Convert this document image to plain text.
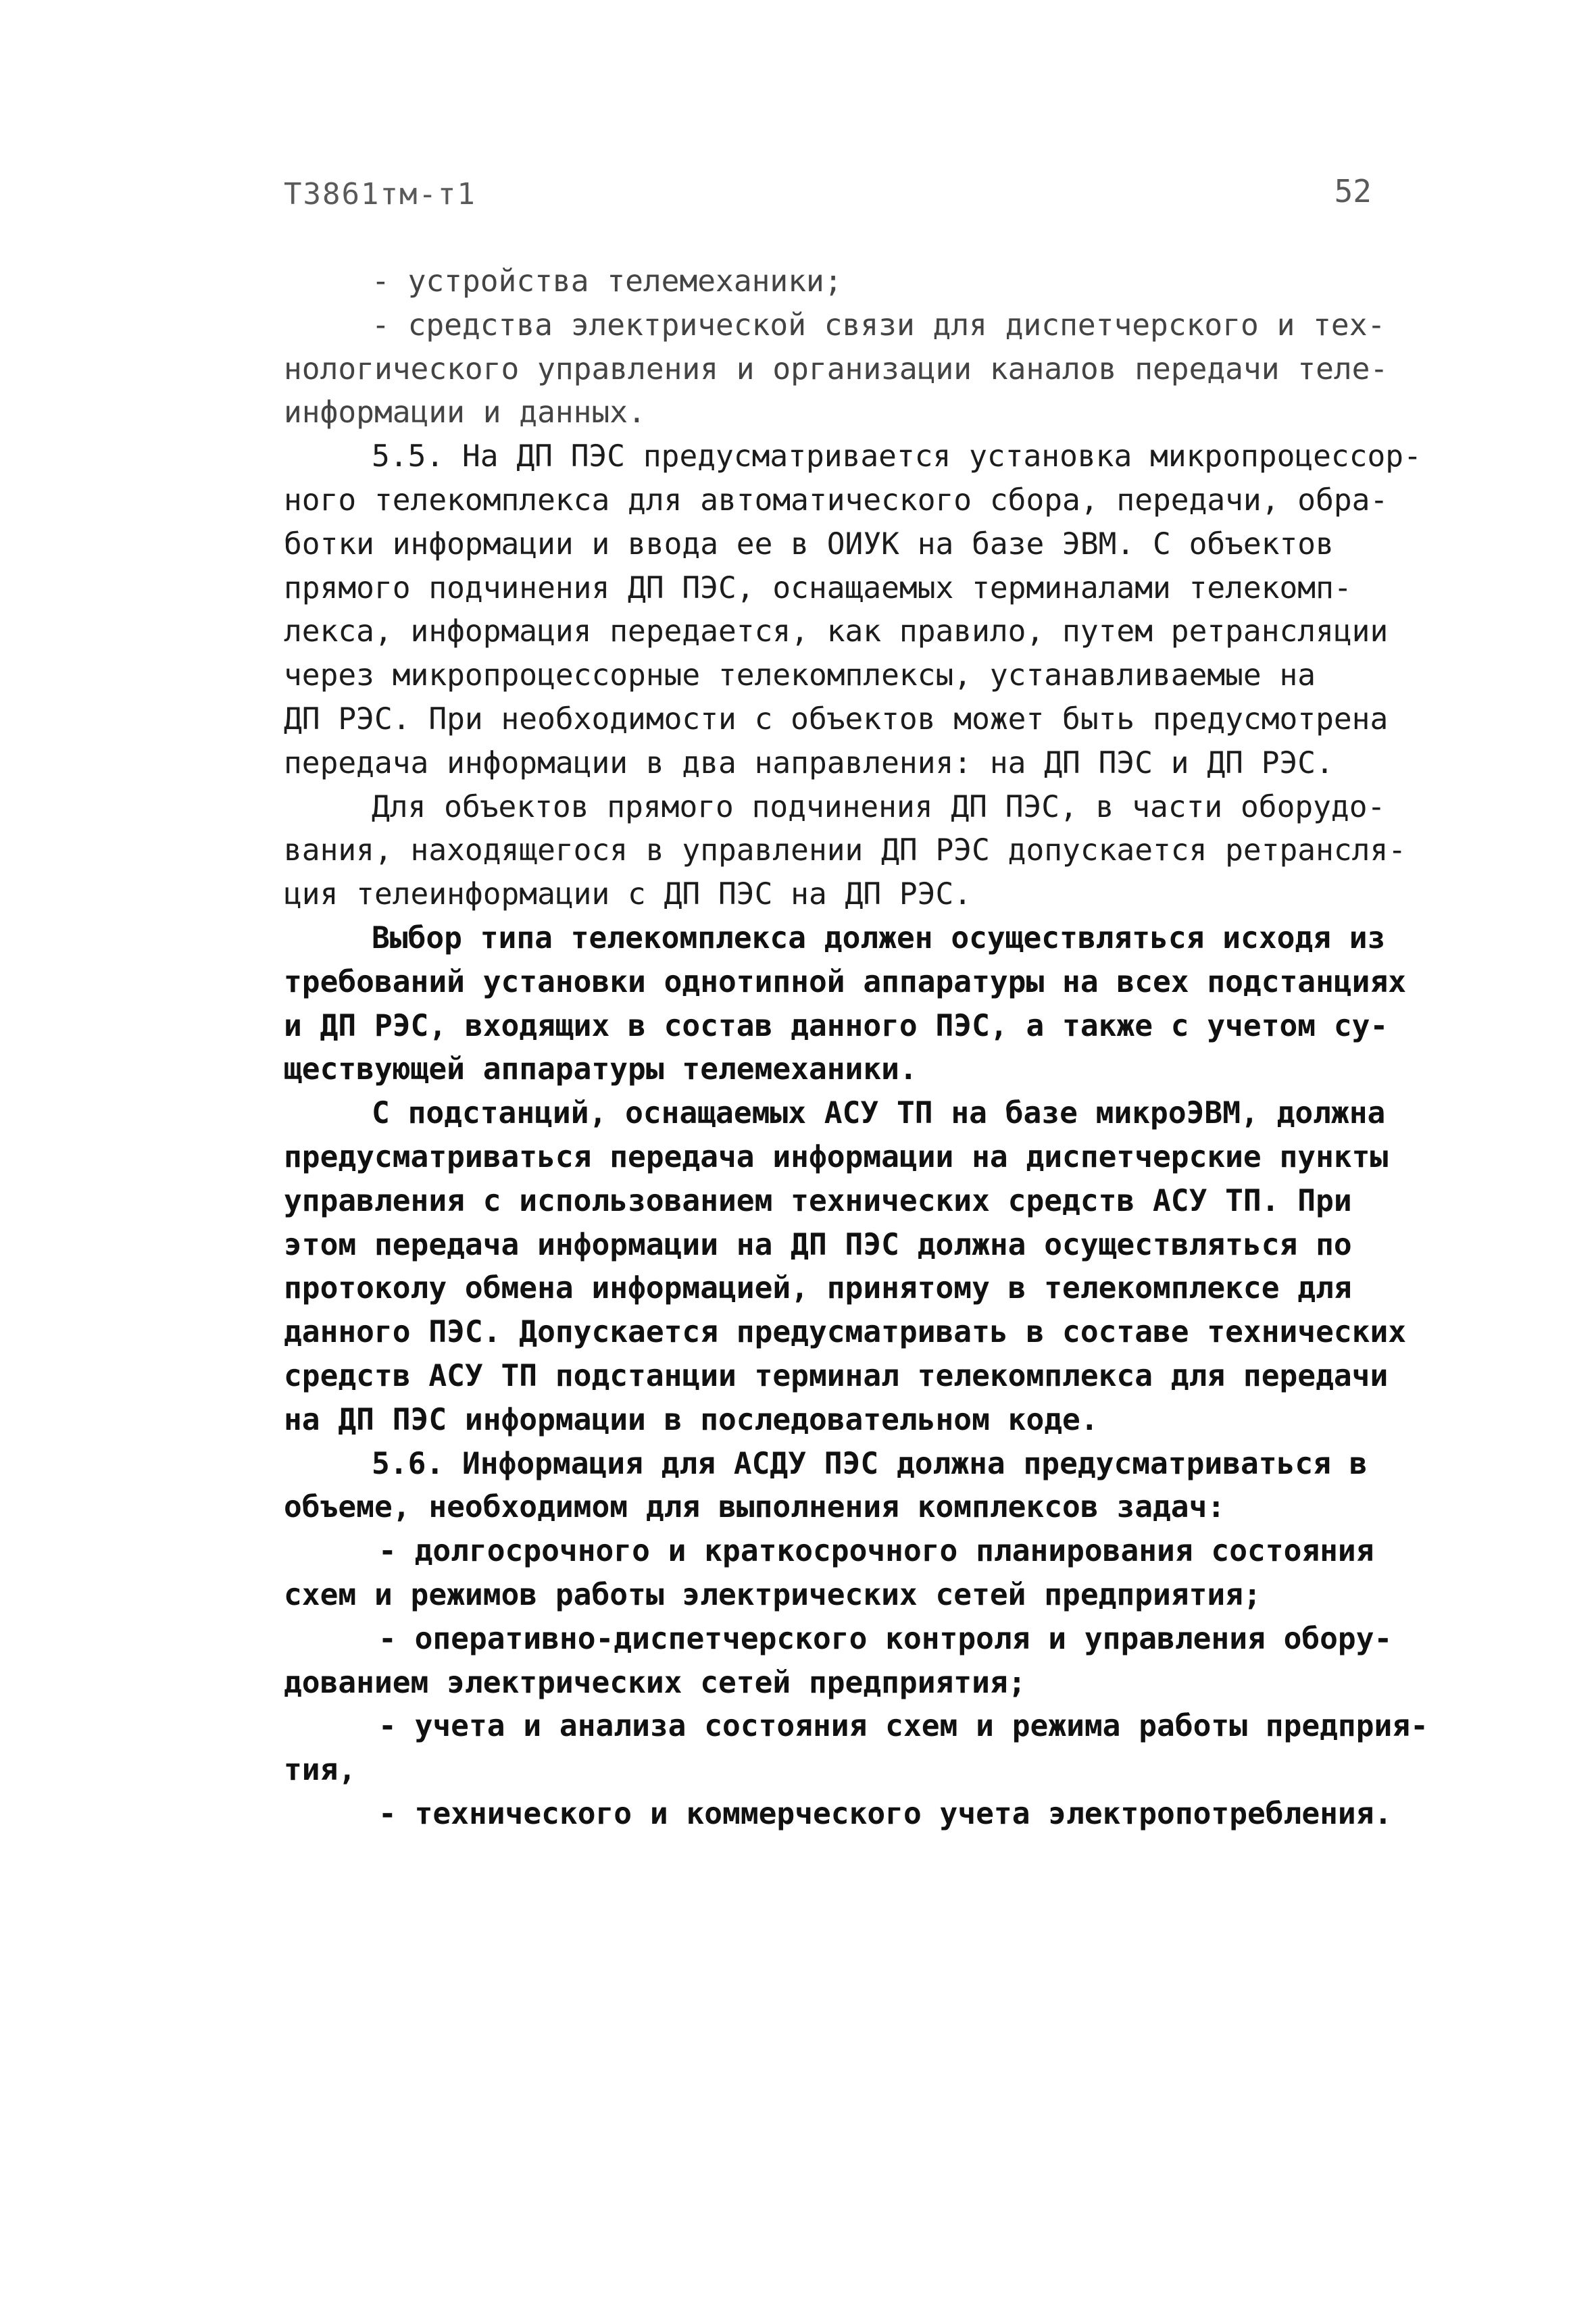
ТЗ861тм-т1	52
- устройства телемеханики;
- средства электрической связи для диспетчерского и тех-
нологического управления и организации каналов передачи теле-
информации и данных.
5.5. На ДП ПЭС предусматривается установка микропроцессор-
ного телекомплекса для автоматического сбора, передачи, обра-
ботки информации и ввода ее в ОИУК на базе ЭВМ. С объектов
прямого подчинения ДП ПЭС, оснащаемых терминалами телекомп-
лекса, информация передается, как правило, путем ретрансляции
через микропроцессорные телекомплексы, устанавливаемые на
ДП РЭС. При необходимости с объектов может быть предусмотрена
передача информации в два направления: на ДП ПЭС и ДП РЭС.
Для объектов прямого подчинения ДП ПЭС, в части оборудо-
вания, находящегося в управлении ДП РЭС допускается ретрансля-
ция телеинформации с ДП ПЭС на ДП РЭС.
Выбор типа телекомплекса должен осуществляться исходя из
требований установки однотипной аппаратуры на всех подстанциях
и ДП РЭС, входящих в состав данного ПЭС, а также с учетом су-
ществующей аппаратуры телемеханики.
С подстанций, оснащаемых АСУ ТП на базе микроЭВМ, должна
предусматриваться передача информации на диспетчерские пункты
управления с использованием технических средств АСУ ТП. При
этом передача информации на ДП ПЭС должна осуществляться по
протоколу обмена информацией, принятому в телекомплексе для
данного ПЭС. Допускается предусматривать в составе технических
средств АСУ ТП подстанции терминал телекомплекса для передачи
на ДП ПЭС информации в последовательном коде.
5.6. Информация для АСДУ ПЭС должна предусматриваться в
объеме, необходимом для выполнения комплексов задач:
- долгосрочного и краткосрочного планирования состояния
схем и режимов работы электрических сетей предприятия;
- оперативно-диспетчерского контроля и управления обору-
дованием электрических сетей предприятия;
- учета и анализа состояния схем и режима работы предприя-
тия,
- технического и коммерческого учета электропотребления.
